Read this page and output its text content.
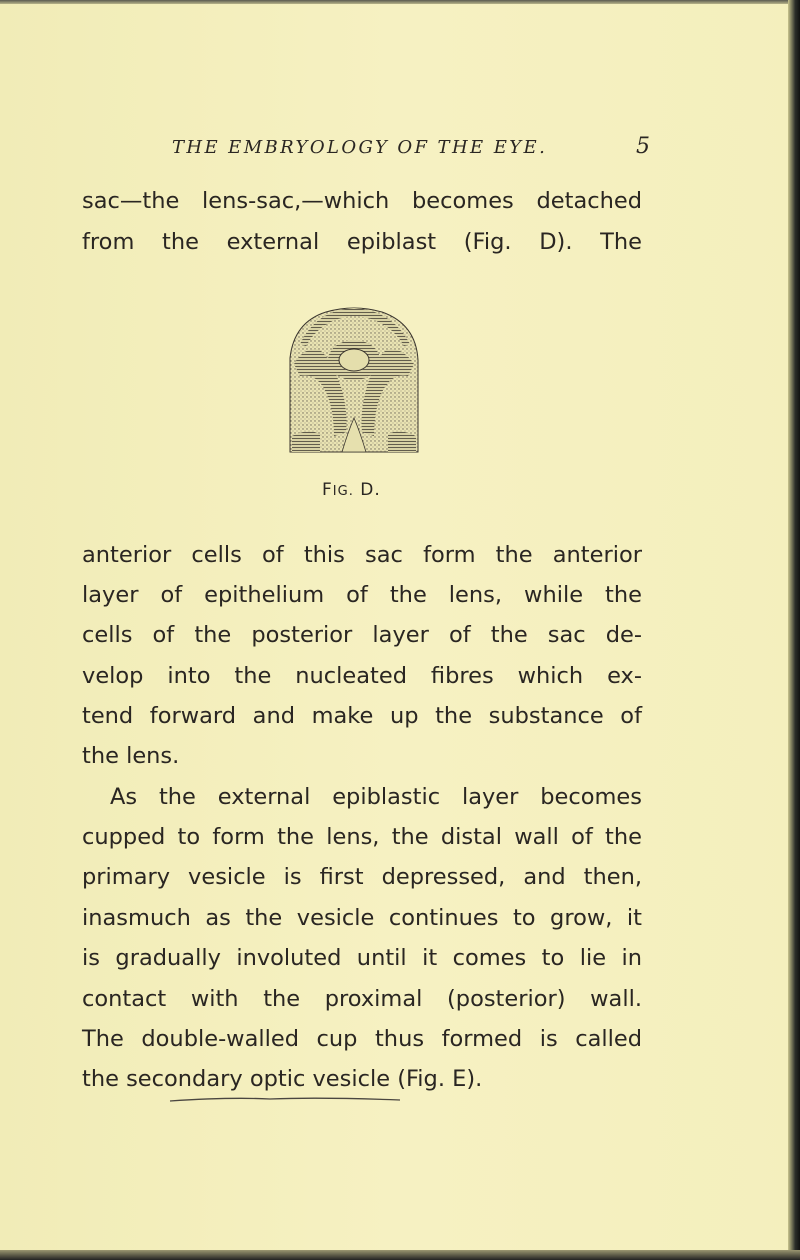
THE EMBRYOLOGY OF THE EYE.	5
sac—the lens-sac,—which becomes detached
from the external epiblast (Fig. D). The
FIG. D.
anterior cells of this sac form the anterior
layer of epithelium of the lens, while the
cells of the posterior layer of the sac de-
velop into the nucleated fibres which ex-
tend forward and make up the substance of
the lens.
As the external epiblastic layer becomes
cupped to form the lens, the distal wall of the
primary vesicle is first depressed, and then,
inasmuch as the vesicle continues to grow, it
is gradually involuted until it comes to lie in
contact with the proximal (posterior) wall.
The double-walled cup thus formed is called
the secondary optic vesicle (Fig. E).
